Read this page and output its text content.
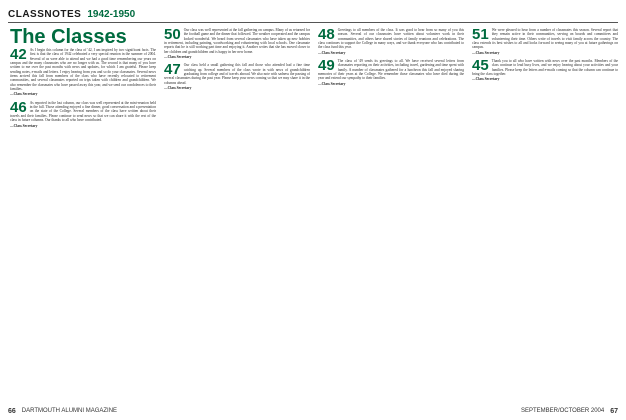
CLASSNOTES 1942-1950
The Classes
42 As I begin this column for the class of '42, I am inspired by two significant facts. The first is that the class of 1942 celebrated a very special reunion in the summer of 2004. Several of us were able to attend and we had a good time remembering our years on campus and the many classmates who are no longer with us. The second is that many of you have written to me over the past months with news and updates, for which I am grateful. Please keep sending notes, e-mails and letters. I enjoy hearing from you and so do your classmates. Several news items arrived this fall from members of the class who have recently relocated to retirement communities, and several classmates reported on trips taken with children and grandchildren. We also remember the classmates who have passed away this year, and we send our condolences to their families.

—Class Secretary
46 As reported in the last column, our class was well represented at the mini-reunion held in the fall. Those attending enjoyed a fine dinner, good conversation and a presentation on the state of the College. Several members of the class have written about their travels and their families. Please continue to send news so that we can share it with the rest of the class in future columns. Our thanks to all who have contributed.

—Class Secretary
50 Our class was well represented at the fall gathering on campus. Many of us returned for the football game and the dinner that followed. The weather cooperated and the campus looked wonderful. We heard from several classmates who have taken up new hobbies in retirement, including painting, woodworking and volunteering with local schools. One classmate reports that he is still working part time and enjoying it. Another writes that she has moved closer to her children and grandchildren and is happy in her new home.

—Class Secretary
47 Our class held a small gathering this fall and those who attended had a fine time catching up. Several members of the class wrote in with news of grandchildren graduating from college and of travels abroad. We also note with sadness the passing of several classmates during the past year. Please keep your news coming so that we may share it in the columns ahead.

—Class Secretary
48 Greetings to all members of the class. It was good to hear from so many of you this season. Several of our classmates have written about volunteer work in their communities, and others have shared stories of family reunions and celebrations. The class continues to support the College in many ways, and we thank everyone who has contributed to the class fund this year.

—Class Secretary
49 The class of '49 sends its greetings to all. We have received several letters from classmates reporting on their activities, including travel, gardening and time spent with family. A number of classmates gathered for a luncheon this fall and enjoyed sharing memories of their years at the College. We remember those classmates who have died during the year and extend our sympathy to their families.

—Class Secretary
51 We were pleased to hear from a number of classmates this season. Several report that they remain active in their communities, serving on boards and committees and volunteering their time. Others write of travels to visit family across the country. The class extends its best wishes to all and looks forward to seeing many of you at future gatherings on campus.

—Class Secretary
45 Thank you to all who have written with news over the past months. Members of the class continue to lead busy lives, and we enjoy hearing about your activities and your families. Please keep the letters and e-mails coming so that the column can continue to bring the class together.

—Class Secretary
66 DARTMOUTH ALUMNI MAGAZINE	SEPTEMBER/OCTOBER 2004 67
